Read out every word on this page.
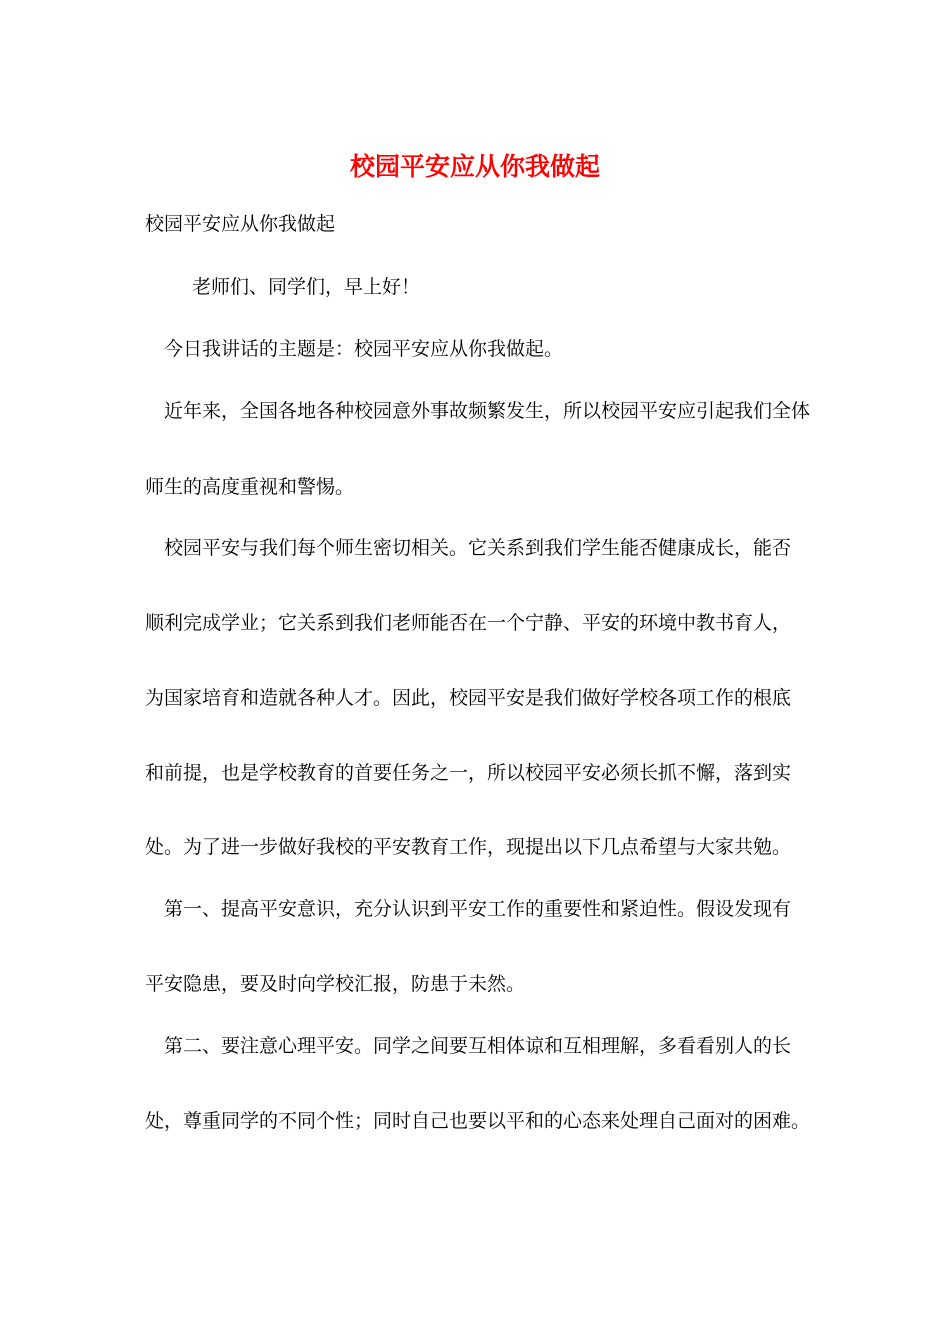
校园平安应从你我做起

校园平安应从你我做起

老师们、同学们，早上好！

今日我讲话的主题是：校园平安应从你我做起。

近年来，全国各地各种校园意外事故频繁发生，所以校园平安应引起我们全体

师生的高度重视和警惕。

校园平安与我们每个师生密切相关。它关系到我们学生能否健康成长，能否

顺利完成学业；它关系到我们老师能否在一个宁静、平安的环境中教书育人，

为国家培育和造就各种人才。因此，校园平安是我们做好学校各项工作的根底

和前提，也是学校教育的首要任务之一，所以校园平安必须长抓不懈，落到实

处。为了进一步做好我校的平安教育工作，现提出以下几点希望与大家共勉。

第一、提高平安意识，充分认识到平安工作的重要性和紧迫性。假设发现有

平安隐患，要及时向学校汇报，防患于未然。

第二、要注意心理平安。同学之间要互相体谅和互相理解，多看看别人的长

处，尊重同学的不同个性；同时自己也要以平和的心态来处理自己面对的困难。
